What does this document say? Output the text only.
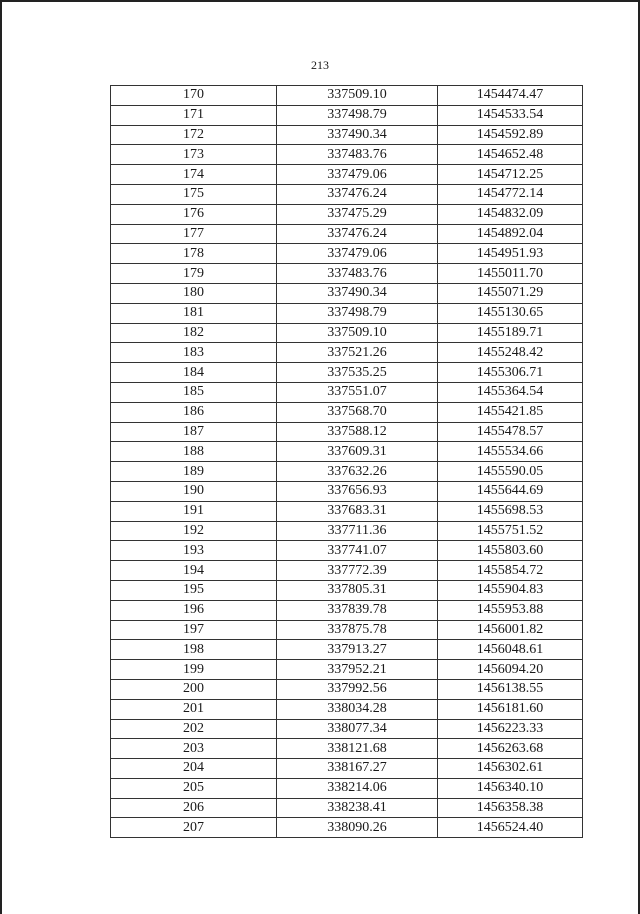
213
170	337509.10	1454474.47
171	337498.79	1454533.54
172	337490.34	1454592.89
173	337483.76	1454652.48
174	337479.06	1454712.25
175	337476.24	1454772.14
176	337475.29	1454832.09
177	337476.24	1454892.04
178	337479.06	1454951.93
179	337483.76	1455011.70
180	337490.34	1455071.29
181	337498.79	1455130.65
182	337509.10	1455189.71
183	337521.26	1455248.42
184	337535.25	1455306.71
185	337551.07	1455364.54
186	337568.70	1455421.85
187	337588.12	1455478.57
188	337609.31	1455534.66
189	337632.26	1455590.05
190	337656.93	1455644.69
191	337683.31	1455698.53
192	337711.36	1455751.52
193	337741.07	1455803.60
194	337772.39	1455854.72
195	337805.31	1455904.83
196	337839.78	1455953.88
197	337875.78	1456001.82
198	337913.27	1456048.61
199	337952.21	1456094.20
200	337992.56	1456138.55
201	338034.28	1456181.60
202	338077.34	1456223.33
203	338121.68	1456263.68
204	338167.27	1456302.61
205	338214.06	1456340.10
206	338238.41	1456358.38
207	338090.26	1456524.40
